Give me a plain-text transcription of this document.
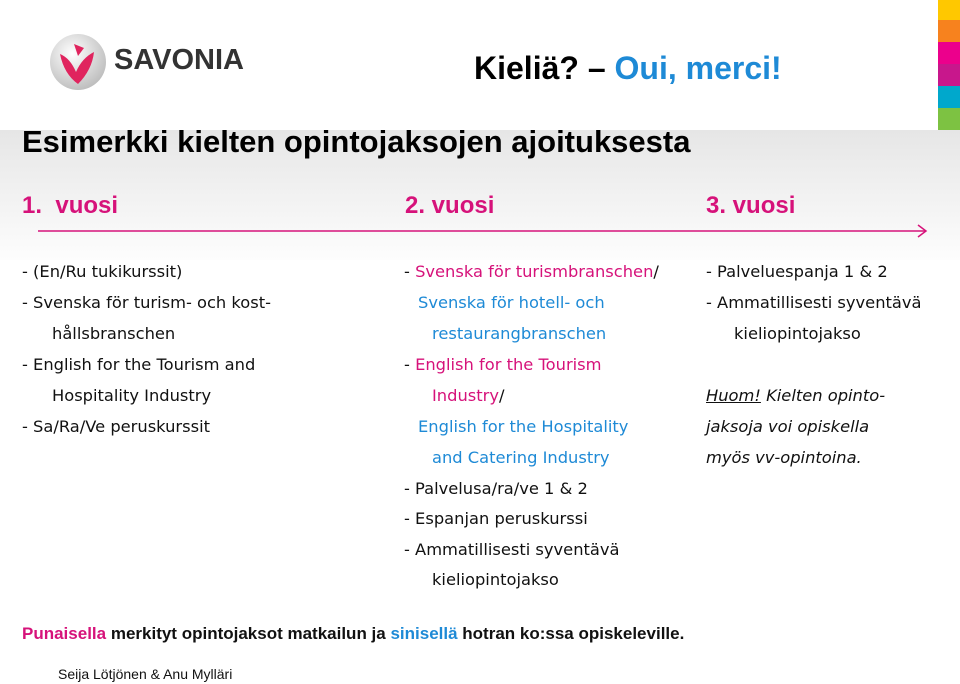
SAVONIA	Kieliä? – Oui, merci!
Esimerkki kielten opintojaksojen ajoituksesta
1.  vuosi	2. vuosi	3. vuosi
- (En/Ru tukikurssit)
- Svenska för turism- och kost-
hållsbranschen
- English for the Tourism and
Hospitality Industry
- Sa/Ra/Ve peruskurssit
- Svenska för turismbranschen/
Svenska för hotell- och
restaurangbranschen
- English for the Tourism
Industry/
English for the Hospitality
and Catering Industry
- Palvelusa/ra/ve 1 & 2
- Espanjan peruskurssi
- Ammatillisesti syventävä
kieliopintojakso
- Palveluespanja 1 & 2
- Ammatillisesti syventävä
kieliopintojakso
Huom! Kielten opinto-
jaksoja voi opiskella
myös vv-opintoina.
Punaisella merkityt opintojaksot matkailun ja sinisellä hotran ko:ssa opiskeleville.
Seija Lötjönen & Anu Mylläri
